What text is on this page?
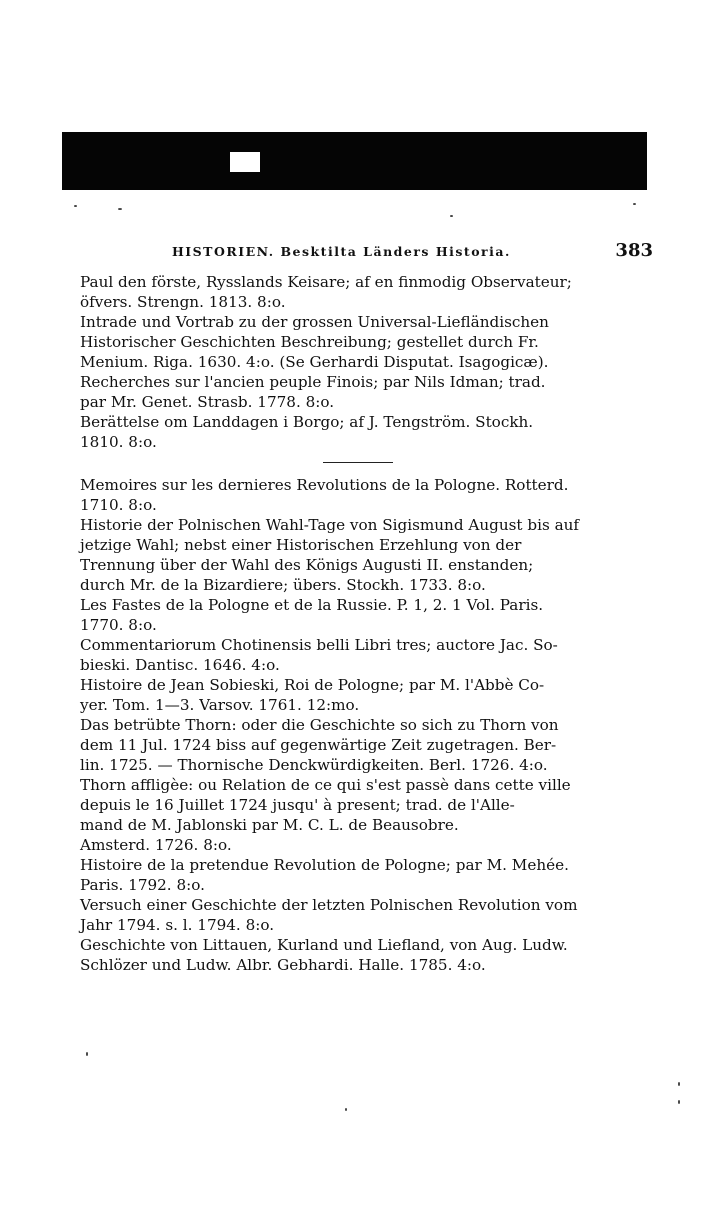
HISTORIEN. Besktilta Länders Historia.	383
Paul den förste, Rysslands Keisare; af en finmodig Observateur;
öfvers. Strengn. 1813. 8:o.
Intrade und Vortrab zu der grossen Universal-Liefländischen
Historischer Geschichten Beschreibung; gestellet durch Fr.
Menium. Riga. 1630. 4:o. (Se Gerhardi Disputat. Isagogicæ).
Recherches sur l'ancien peuple Finois; par Nils Idman; trad.
par Mr. Genet. Strasb. 1778. 8:o.
Berättelse om Landdagen i Borgo; af J. Tengström. Stockh.
1810. 8:o.
Memoires sur les dernieres Revolutions de la Pologne. Rotterd.
1710. 8:o.
Historie der Polnischen Wahl-Tage von Sigismund August bis auf
jetzige Wahl; nebst einer Historischen Erzehlung von der
Trennung über der Wahl des Königs Augusti II. enstanden;
durch Mr. de la Bizardiere; übers. Stockh. 1733. 8:o.
Les Fastes de la Pologne et de la Russie. P. 1, 2. 1 Vol. Paris.
1770. 8:o.
Commentariorum Chotinensis belli Libri tres; auctore Jac. So-
bieski. Dantisc. 1646. 4:o.
Histoire de Jean Sobieski, Roi de Pologne; par M. l'Abbè Co-
yer. Tom. 1—3. Varsov. 1761. 12:mo.
Das betrübte Thorn: oder die Geschichte so sich zu Thorn von
dem 11 Jul. 1724 biss auf gegenwärtige Zeit zugetragen. Ber-
lin. 1725. — Thornische Denckwürdigkeiten. Berl. 1726. 4:o.
Thorn affligèe: ou Relation de ce qui s'est passè dans cette ville
depuis le 16 Juillet 1724 jusqu' à present; trad. de l'Alle-
mand de M. Jablonski par M. C. L. de Beausobre.
Amsterd. 1726. 8:o.
Histoire de la pretendue Revolution de Pologne; par M. Mehée.
Paris. 1792. 8:o.
Versuch einer Geschichte der letzten Polnischen Revolution vom
Jahr 1794. s. l. 1794. 8:o.
Geschichte von Littauen, Kurland und Liefland, von Aug. Ludw.
Schlözer und Ludw. Albr. Gebhardi. Halle. 1785. 4:o.
